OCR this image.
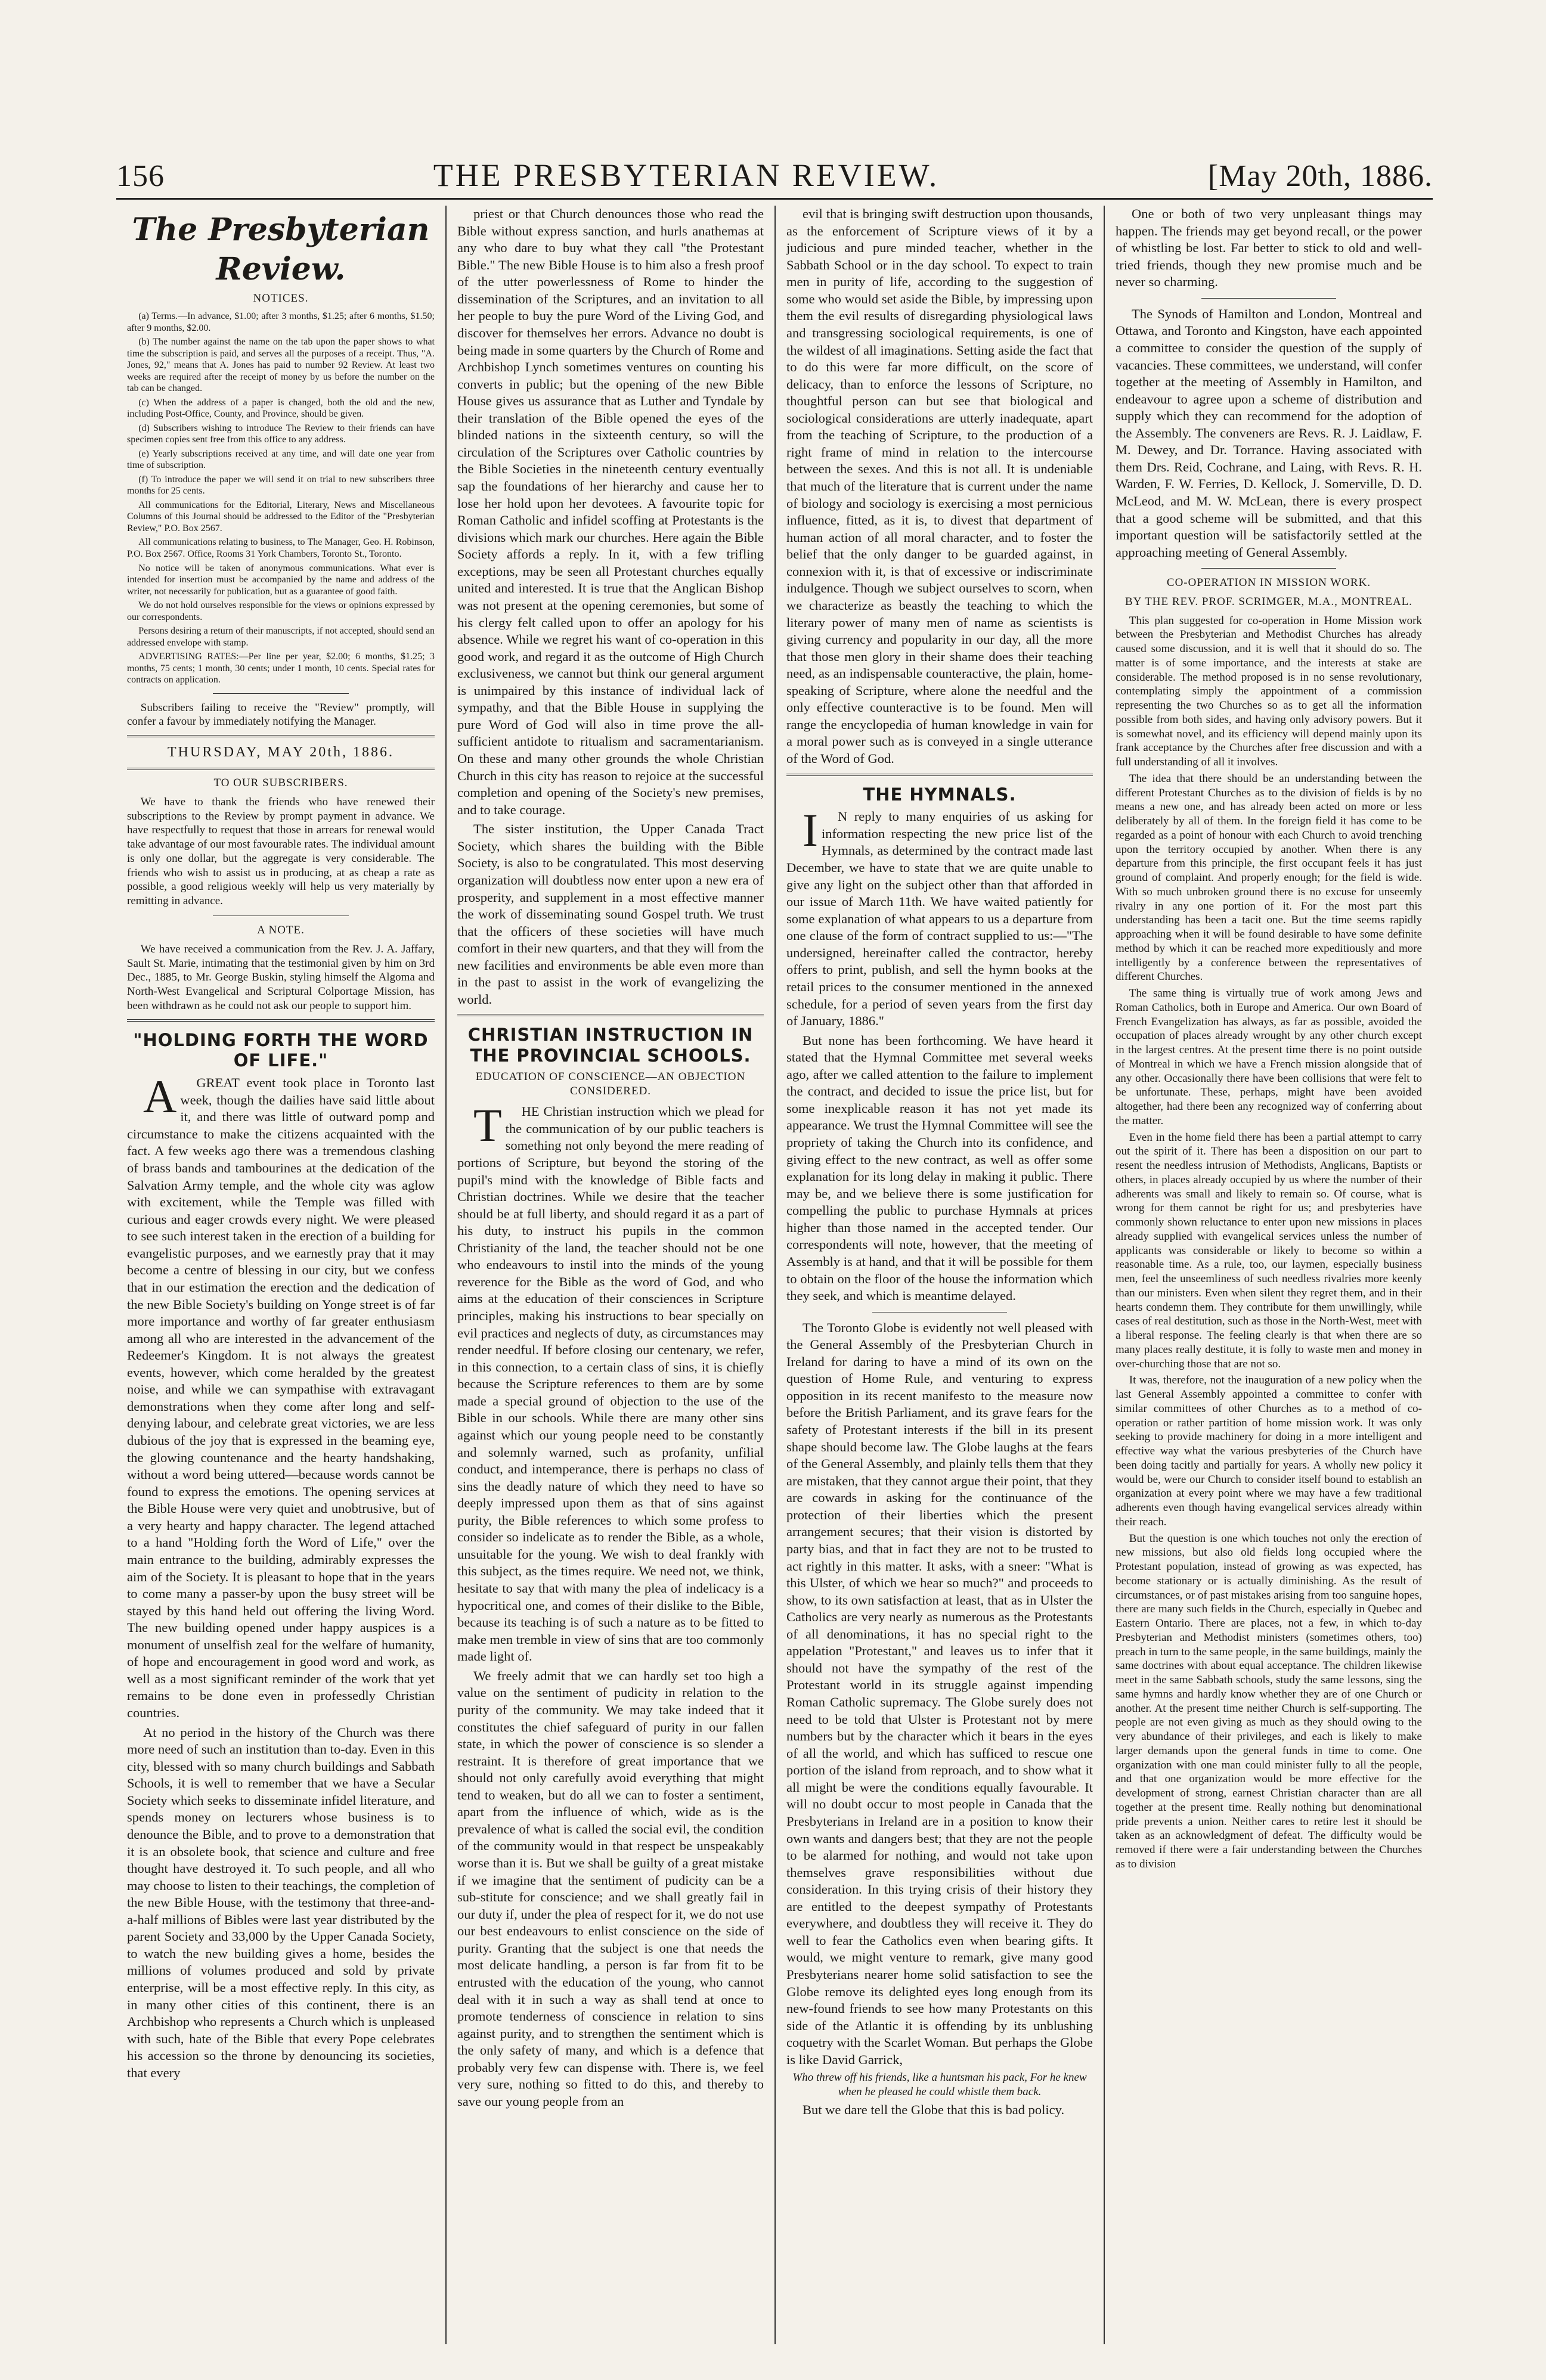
156	THE PRESBYTERIAN REVIEW.	[May 20th, 1886.
The Presbyterian Review.
NOTICES.

(a) Terms.—In advance, $1.00; after 3 months, $1.25; after 6 months, $1.50; after 9 months, $2.00.

(b) The number against the name on the tab upon the paper shows to what time the subscription is paid, and serves all the purposes of a receipt. Thus, "A. Jones, 92," means that A. Jones has paid to number 92 Review. At least two weeks are required after the receipt of money by us before the number on the tab can be changed.

(c) When the address of a paper is changed, both the old and the new, including Post-Office, County, and Province, should be given.

(d) Subscribers wishing to introduce The Review to their friends can have specimen copies sent free from this office to any address.

(e) Yearly subscriptions received at any time, and will date one year from time of subscription.

(f) To introduce the paper we will send it on trial to new subscribers three months for 25 cents.

All communications for the Editorial, Literary, News and Miscellaneous Columns of this Journal should be addressed to the Editor of the "Presbyterian Review," P.O. Box 2567.

All communications relating to business, to The Manager, Geo. H. Robinson, P.O. Box 2567. Office, Rooms 31 York Chambers, Toronto St., Toronto.

No notice will be taken of anonymous communications. What ever is intended for insertion must be accompanied by the name and address of the writer, not necessarily for publication, but as a guarantee of good faith.

We do not hold ourselves responsible for the views or opinions expressed by our correspondents.

Persons desiring a return of their manuscripts, if not accepted, should send an addressed envelope with stamp.

ADVERTISING RATES:—Per line per year, $2.00; 6 months, $1.25; 3 months, 75 cents; 1 month, 30 cents; under 1 month, 10 cents. Special rates for contracts on application.

Subscribers failing to receive the "Review" promptly, will confer a favour by immediately notifying the Manager.

THURSDAY, MAY 20th, 1886.
TO OUR SUBSCRIBERS.

We have to thank the friends who have renewed their subscriptions to the Review by prompt payment in advance. We have respectfully to request that those in arrears for renewal would take advantage of our most favourable rates. The individual amount is only one dollar, but the aggregate is very considerable. The friends who wish to assist us in producing, at as cheap a rate as possible, a good religious weekly will help us very materially by remitting in advance.

A NOTE.

We have received a communication from the Rev. J. A. Jaffary, Sault St. Marie, intimating that the testimonial given by him on 3rd Dec., 1885, to Mr. George Buskin, styling himself the Algoma and North-West Evangelical and Scriptural Colportage Mission, has been withdrawn as he could not ask our people to support him.

"HOLDING FORTH THE WORD OF LIFE."

AGREAT event took place in Toronto last week, though the dailies have said little about it, and there was little of outward pomp and circumstance to make the citizens acquainted with the fact. A few weeks ago there was a tremendous clashing of brass bands and tambourines at the dedication of the Salvation Army temple, and the whole city was aglow with excitement, while the Temple was filled with curious and eager crowds every night. We were pleased to see such interest taken in the erection of a building for evangelistic purposes, and we earnestly pray that it may become a centre of blessing in our city, but we confess that in our estimation the erection and the dedication of the new Bible Society's building on Yonge street is of far more importance and worthy of far greater enthusiasm among all who are interested in the advancement of the Redeemer's Kingdom. It is not always the greatest events, however, which come heralded by the greatest noise, and while we can sympathise with extravagant demonstrations when they come after long and self-denying labour, and celebrate great victories, we are less dubious of the joy that is expressed in the beaming eye, the glowing countenance and the hearty handshaking, without a word being uttered—because words cannot be found to express the emotions. The opening services at the Bible House were very quiet and unobtrusive, but of a very hearty and happy character. The legend attached to a hand "Holding forth the Word of Life," over the main entrance to the building, admirably expresses the aim of the Society. It is pleasant to hope that in the years to come many a passer-by upon the busy street will be stayed by this hand held out offering the living Word. The new building opened under happy auspices is a monument of unselfish zeal for the welfare of humanity, of hope and encouragement in good word and work, as well as a most significant reminder of the work that yet remains to be done even in professedly Christian countries.

At no period in the history of the Church was there more need of such an institution than to-day. Even in this city, blessed with so many church buildings and Sabbath Schools, it is well to remember that we have a Secular Society which seeks to disseminate infidel literature, and spends money on lecturers whose business is to denounce the Bible, and to prove to a demonstration that it is an obsolete book, that science and culture and free thought have destroyed it. To such people, and all who may choose to listen to their teachings, the completion of the new Bible House, with the testimony that three-and-a-half millions of Bibles were last year distributed by the parent Society and 33,000 by the Upper Canada Society, to watch the new building gives a home, besides the millions of volumes produced and sold by private enterprise, will be a most effective reply. In this city, as in many other cities of this continent, there is an Archbishop who represents a Church which is unpleased with such, hate of the Bible that every Pope celebrates his accession so the throne by denouncing its societies, that every

priest or that Church denounces those who read the Bible without express sanction, and hurls anathemas at any who dare to buy what they call "the Protestant Bible." The new Bible House is to him also a fresh proof of the utter powerlessness of Rome to hinder the dissemination of the Scriptures, and an invitation to all her people to buy the pure Word of the Living God, and discover for themselves her errors. Advance no doubt is being made in some quarters by the Church of Rome and Archbishop Lynch sometimes ventures on counting his converts in public; but the opening of the new Bible House gives us assurance that as Luther and Tyndale by their translation of the Bible opened the eyes of the blinded nations in the sixteenth century, so will the circulation of the Scriptures over Catholic countries by the Bible Societies in the nineteenth century eventually sap the foundations of her hierarchy and cause her to lose her hold upon her devotees. A favourite topic for Roman Catholic and infidel scoffing at Protestants is the divisions which mark our churches. Here again the Bible Society affords a reply. In it, with a few trifling exceptions, may be seen all Protestant churches equally united and interested. It is true that the Anglican Bishop was not present at the opening ceremonies, but some of his clergy felt called upon to offer an apology for his absence. While we regret his want of co-operation in this good work, and regard it as the outcome of High Church exclusiveness, we cannot but think our general argument is unimpaired by this instance of individual lack of sympathy, and that the Bible House in supplying the pure Word of God will also in time prove the all-sufficient antidote to ritualism and sacramentarianism. On these and many other grounds the whole Christian Church in this city has reason to rejoice at the successful completion and opening of the Society's new premises, and to take courage.

The sister institution, the Upper Canada Tract Society, which shares the building with the Bible Society, is also to be congratulated. This most deserving organization will doubtless now enter upon a new era of prosperity, and supplement in a most effective manner the work of disseminating sound Gospel truth. We trust that the officers of these societies will have much comfort in their new quarters, and that they will from the new facilities and environments be able even more than in the past to assist in the work of evangelizing the world.

CHRISTIAN INSTRUCTION IN THE PROVINCIAL SCHOOLS.
EDUCATION OF CONSCIENCE—AN OBJECTION CONSIDERED.

THE Christian instruction which we plead for the communication of by our public teachers is something not only beyond the mere reading of portions of Scripture, but beyond the storing of the pupil's mind with the knowledge of Bible facts and Christian doctrines. While we desire that the teacher should be at full liberty, and should regard it as a part of his duty, to instruct his pupils in the common Christianity of the land, the teacher should not be one who endeavours to instil into the minds of the young reverence for the Bible as the word of God, and who aims at the education of their consciences in Scripture principles, making his instructions to bear specially on evil practices and neglects of duty, as circumstances may render needful. If before closing our centenary, we refer, in this connection, to a certain class of sins, it is chiefly because the Scripture references to them are by some made a special ground of objection to the use of the Bible in our schools. While there are many other sins against which our young people need to be constantly and solemnly warned, such as profanity, unfilial conduct, and intemperance, there is perhaps no class of sins the deadly nature of which they need to have so deeply impressed upon them as that of sins against purity, the Bible references to which some profess to consider so indelicate as to render the Bible, as a whole, unsuitable for the young. We wish to deal frankly with this subject, as the times require. We need not, we think, hesitate to say that with many the plea of indelicacy is a hypocritical one, and comes of their dislike to the Bible, because its teaching is of such a nature as to be fitted to make men tremble in view of sins that are too commonly made light of.

We freely admit that we can hardly set too high a value on the sentiment of pudicity in relation to the purity of the community. We may take indeed that it constitutes the chief safeguard of purity in our fallen state, in which the power of conscience is so slender a restraint. It is therefore of great importance that we should not only carefully avoid everything that might tend to weaken, but do all we can to foster a sentiment, apart from the influence of which, wide as is the prevalence of what is called the social evil, the condition of the community would in that respect be unspeakably worse than it is. But we shall be guilty of a great mistake if we imagine that the sentiment of pudicity can be a sub-stitute for conscience; and we shall greatly fail in our duty if, under the plea of respect for it, we do not use our best endeavours to enlist conscience on the side of purity. Granting that the subject is one that needs the most delicate handling, a person is far from fit to be entrusted with the education of the young, who cannot deal with it in such a way as shall tend at once to promote tenderness of conscience in relation to sins against purity, and to strengthen the sentiment which is the only safety of many, and which is a defence that probably very few can dispense with. There is, we feel very sure, nothing so fitted to do this, and thereby to save our young people from an

evil that is bringing swift destruction upon thousands, as the enforcement of Scripture views of it by a judicious and pure minded teacher, whether in the Sabbath School or in the day school. To expect to train men in purity of life, according to the suggestion of some who would set aside the Bible, by impressing upon them the evil results of disregarding physiological laws and transgressing sociological requirements, is one of the wildest of all imaginations. Setting aside the fact that to do this were far more difficult, on the score of delicacy, than to enforce the lessons of Scripture, no thoughtful person can but see that biological and sociological considerations are utterly inadequate, apart from the teaching of Scripture, to the production of a right frame of mind in relation to the intercourse between the sexes. And this is not all. It is undeniable that much of the literature that is current under the name of biology and sociology is exercising a most pernicious influence, fitted, as it is, to divest that department of human action of all moral character, and to foster the belief that the only danger to be guarded against, in connexion with it, is that of excessive or indiscriminate indulgence. Though we subject ourselves to scorn, when we characterize as beastly the teaching to which the literary power of many men of name as scientists is giving currency and popularity in our day, all the more that those men glory in their shame does their teaching need, as an indispensable counteractive, the plain, home-speaking of Scripture, where alone the needful and the only effective counteractive is to be found. Men will range the encyclopedia of human knowledge in vain for a moral power such as is conveyed in a single utterance of the Word of God.

THE HYMNALS.

IN reply to many enquiries of us asking for information respecting the new price list of the Hymnals, as determined by the contract made last December, we have to state that we are quite unable to give any light on the subject other than that afforded in our issue of March 11th. We have waited patiently for some explanation of what appears to us a departure from one clause of the form of contract supplied to us:—"The undersigned, hereinafter called the contractor, hereby offers to print, publish, and sell the hymn books at the retail prices to the consumer mentioned in the annexed schedule, for a period of seven years from the first day of January, 1886."

But none has been forthcoming. We have heard it stated that the Hymnal Committee met several weeks ago, after we called attention to the failure to implement the contract, and decided to issue the price list, but for some inexplicable reason it has not yet made its appearance. We trust the Hymnal Committee will see the propriety of taking the Church into its confidence, and giving effect to the new contract, as well as offer some explanation for its long delay in making it public. There may be, and we believe there is some justification for compelling the public to purchase Hymnals at prices higher than those named in the accepted tender. Our correspondents will note, however, that the meeting of Assembly is at hand, and that it will be possible for them to obtain on the floor of the house the information which they seek, and which is meantime delayed.

The Toronto Globe is evidently not well pleased with the General Assembly of the Presbyterian Church in Ireland for daring to have a mind of its own on the question of Home Rule, and venturing to express opposition in its recent manifesto to the measure now before the British Parliament, and its grave fears for the safety of Protestant interests if the bill in its present shape should become law. The Globe laughs at the fears of the General Assembly, and plainly tells them that they are mistaken, that they cannot argue their point, that they are cowards in asking for the continuance of the protection of their liberties which the present arrangement secures; that their vision is distorted by party bias, and that in fact they are not to be trusted to act rightly in this matter. It asks, with a sneer: "What is this Ulster, of which we hear so much?" and proceeds to show, to its own satisfaction at least, that as in Ulster the Catholics are very nearly as numerous as the Protestants of all denominations, it has no special right to the appelation "Protestant," and leaves us to infer that it should not have the sympathy of the rest of the Protestant world in its struggle against impending Roman Catholic supremacy. The Globe surely does not need to be told that Ulster is Protestant not by mere numbers but by the character which it bears in the eyes of all the world, and which has sufficed to rescue one portion of the island from reproach, and to show what it all might be were the conditions equally favourable. It will no doubt occur to most people in Canada that the Presbyterians in Ireland are in a position to know their own wants and dangers best; that they are not the people to be alarmed for nothing, and would not take upon themselves grave responsibilities without due consideration. In this trying crisis of their history they are entitled to the deepest sympathy of Protestants everywhere, and doubtless they will receive it. They do well to fear the Catholics even when bearing gifts. It would, we might venture to remark, give many good Presbyterians nearer home solid satisfaction to see the Globe remove its delighted eyes long enough from its new-found friends to see how many Protestants on this side of the Atlantic it is offending by its unblushing coquetry with the Scarlet Woman. But perhaps the Globe is like David Garrick,

Who threw off his friends, like a huntsman his pack, For he knew when he pleased he could whistle them back.

But we dare tell the Globe that this is bad policy.

One or both of two very unpleasant things may happen. The friends may get beyond recall, or the power of whistling be lost. Far better to stick to old and well-tried friends, though they new promise much and be never so charming.

The Synods of Hamilton and London, Montreal and Ottawa, and Toronto and Kingston, have each appointed a committee to consider the question of the supply of vacancies. These committees, we understand, will confer together at the meeting of Assembly in Hamilton, and endeavour to agree upon a scheme of distribution and supply which they can recommend for the adoption of the Assembly. The conveners are Revs. R. J. Laidlaw, F. M. Dewey, and Dr. Torrance. Having associated with them Drs. Reid, Cochrane, and Laing, with Revs. R. H. Warden, F. W. Ferries, D. Kellock, J. Somerville, D. D. McLeod, and M. W. McLean, there is every prospect that a good scheme will be submitted, and that this important question will be satisfactorily settled at the approaching meeting of General Assembly.

CO-OPERATION IN MISSION WORK.
BY THE REV. PROF. SCRIMGER, M.A., MONTREAL.

This plan suggested for co-operation in Home Mission work between the Presbyterian and Methodist Churches has already caused some discussion, and it is well that it should do so. The matter is of some importance, and the interests at stake are considerable. The method proposed is in no sense revolutionary, contemplating simply the appointment of a commission representing the two Churches so as to get all the information possible from both sides, and having only advisory powers. But it is somewhat novel, and its efficiency will depend mainly upon its frank acceptance by the Churches after free discussion and with a full understanding of all it involves.

The idea that there should be an understanding between the different Protestant Churches as to the division of fields is by no means a new one, and has already been acted on more or less deliberately by all of them. In the foreign field it has come to be regarded as a point of honour with each Church to avoid trenching upon the territory occupied by another. When there is any departure from this principle, the first occupant feels it has just ground of complaint. And properly enough; for the field is wide. With so much unbroken ground there is no excuse for unseemly rivalry in any one portion of it. For the most part this understanding has been a tacit one. But the time seems rapidly approaching when it will be found desirable to have some definite method by which it can be reached more expeditiously and more intelligently by a conference between the representatives of different Churches.

The same thing is virtually true of work among Jews and Roman Catholics, both in Europe and America. Our own Board of French Evangelization has always, as far as possible, avoided the occupation of places already wrought by any other church except in the largest centres. At the present time there is no point outside of Montreal in which we have a French mission alongside that of any other. Occasionally there have been collisions that were felt to be unfortunate. These, perhaps, might have been avoided altogether, had there been any recognized way of conferring about the matter.

Even in the home field there has been a partial attempt to carry out the spirit of it. There has been a disposition on our part to resent the needless intrusion of Methodists, Anglicans, Baptists or others, in places already occupied by us where the number of their adherents was small and likely to remain so. Of course, what is wrong for them cannot be right for us; and presbyteries have commonly shown reluctance to enter upon new missions in places already supplied with evangelical services unless the number of applicants was considerable or likely to become so within a reasonable time. As a rule, too, our laymen, especially business men, feel the unseemliness of such needless rivalries more keenly than our ministers. Even when silent they regret them, and in their hearts condemn them. They contribute for them unwillingly, while cases of real destitution, such as those in the North-West, meet with a liberal response. The feeling clearly is that when there are so many places really destitute, it is folly to waste men and money in over-churching those that are not so.

It was, therefore, not the inauguration of a new policy when the last General Assembly appointed a committee to confer with similar committees of other Churches as to a method of co-operation or rather partition of home mission work. It was only seeking to provide machinery for doing in a more intelligent and effective way what the various presbyteries of the Church have been doing tacitly and partially for years. A wholly new policy it would be, were our Church to consider itself bound to establish an organization at every point where we may have a few traditional adherents even though having evangelical services already within their reach.

But the question is one which touches not only the erection of new missions, but also old fields long occupied where the Protestant population, instead of growing as was expected, has become stationary or is actually diminishing. As the result of circumstances, or of past mistakes arising from too sanguine hopes, there are many such fields in the Church, especially in Quebec and Eastern Ontario. There are places, not a few, in which to-day Presbyterian and Methodist ministers (sometimes others, too) preach in turn to the same people, in the same buildings, mainly the same doctrines with about equal acceptance. The children likewise meet in the same Sabbath schools, study the same lessons, sing the same hymns and hardly know whether they are of one Church or another. At the present time neither Church is self-supporting. The people are not even giving as much as they should owing to the very abundance of their privileges, and each is likely to make larger demands upon the general funds in time to come. One organization with one man could minister fully to all the people, and that one organization would be more effective for the development of strong, earnest Christian character than are all together at the present time. Really nothing but denominational pride prevents a union. Neither cares to retire lest it should be taken as an acknowledgment of defeat. The difficulty would be removed if there were a fair understanding between the Churches as to division
